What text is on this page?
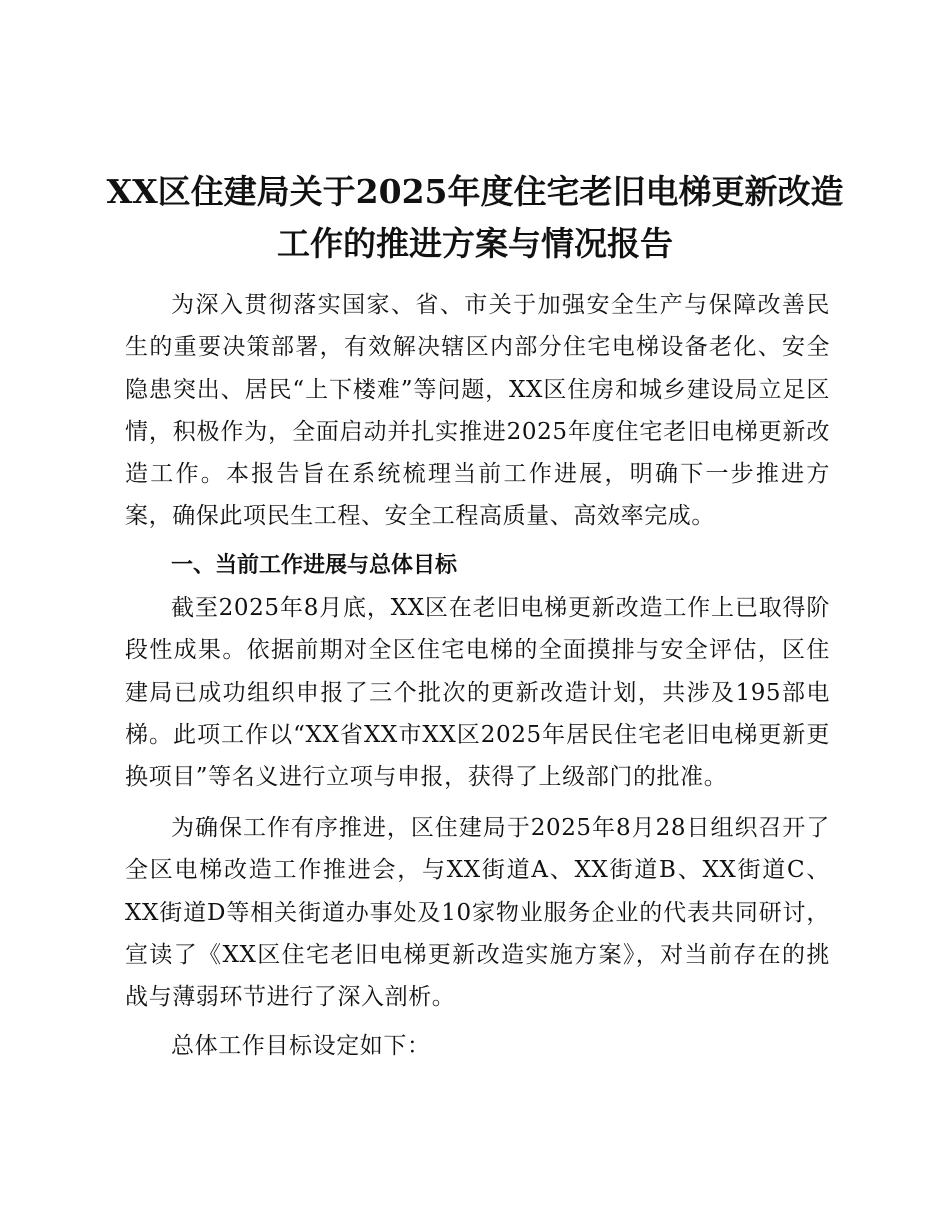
XX区住建局关于2025年度住宅老旧电梯更新改造工作的推进方案与情况报告

为深入贯彻落实国家、省、市关于加强安全生产与保障改善民生的重要决策部署，有效解决辖区内部分住宅电梯设备老化、安全隐患突出、居民“上下楼难”等问题，XX区住房和城乡建设局立足区情，积极作为，全面启动并扎实推进2025年度住宅老旧电梯更新改造工作。本报告旨在系统梳理当前工作进展，明确下一步推进方案，确保此项民生工程、安全工程高质量、高效率完成。

一、当前工作进展与总体目标

截至2025年8月底，XX区在老旧电梯更新改造工作上已取得阶段性成果。依据前期对全区住宅电梯的全面摸排与安全评估，区住建局已成功组织申报了三个批次的更新改造计划，共涉及195部电梯。此项工作以“XX省XX市XX区2025年居民住宅老旧电梯更新更换项目”等名义进行立项与申报，获得了上级部门的批准。

为确保工作有序推进，区住建局于2025年8月28日组织召开了全区电梯改造工作推进会，与XX街道A、XX街道B、XX街道C、XX街道D等相关街道办事处及10家物业服务企业的代表共同研讨，宣读了《XX区住宅老旧电梯更新改造实施方案》，对当前存在的挑战与薄弱环节进行了深入剖析。

总体工作目标设定如下：
